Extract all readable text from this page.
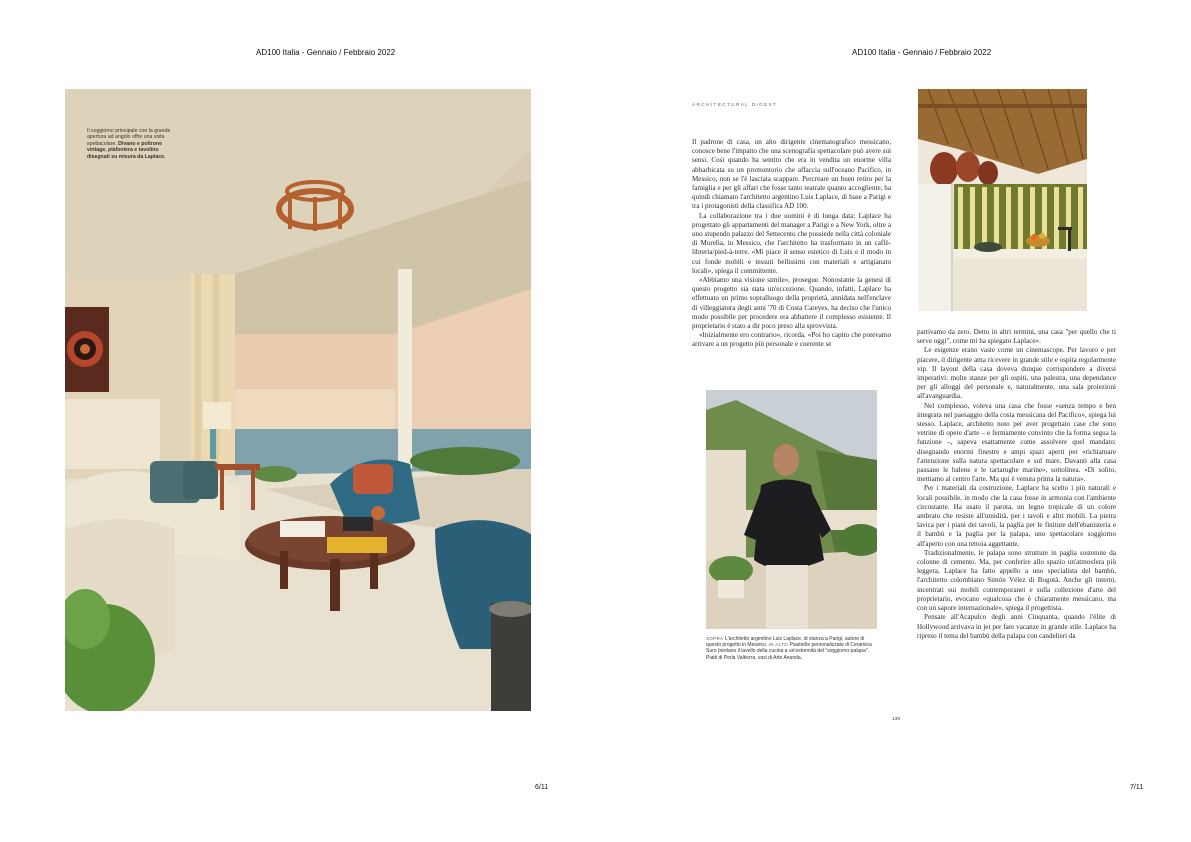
AD100 Italia - Gennaio / Febbraio 2022	AD100 Italia - Gennaio / Febbraio 2022
Il soggiorno principale con la grande apertura ad angolo offre una vista spettacolare. Divano e poltrone vintage, plafoniera e tavolino disegnati su misura da Laplace.
6/11
ARCHITECTURAL DIGEST

Il padrone di casa, un alto dirigente cinematografico messicano, conosce bene l'impatto che una scenografia spettacolare può avere sui sensi. Così quando ha sentito che era in vendita un enorme villa abbarbicata su un promontorio che affaccia sull'oceano Pacifico, in Messico, non se l'è lasciata scappare. Percreare un buen retiro per la famiglia e per gli affari che fosse tanto teatrale quanto accogliente, ha quindi chiamato l'architetto argentino Luis Laplace, di base a Parigi e tra i protagonisti della classifica AD 100.

La collaborazione tra i due uomini è di lunga data: Laplace ha progettato gli appartamenti del manager a Parigi e a New York, oltre a uno stupendo palazzo del Settecento che possiede nella città coloniale di Morelia, in Messico, che l'architetto ha trasformato in un caffè-libreria/pied-à-terre. «Mi piace il senso estetico di Luis e il modo in cui fonde mobili e tessuti bellissimi con materiali e artigianato locali», spiega il committente.

«Abbiamo una visione simile», prosegue. Nonostante la genesi di questo progetto sia stata un'eccezione. Quando, infatti, Laplace ha effettuato un primo sopralluogo della proprietà, annidata nell'enclave di villeggiatura degli anni '70 di Costa Careyes, ha deciso che l'unico modo possibile per procedere era abbattere il complesso esistente. Il proprietario è stato a dir poco preso alla sprovvista.

«Inizialmente ero contrario», ricorda. «Poi ho capito che potevamo arrivare a un progetto più personale e coerente se

SOPRA L'architetto argentino Luis Laplace, di stanza a Parigi, autore di questo progetto in Messico. IN ALTO Piastrelle personalizzate di Ceramica Suro bordano il lavello della cucina a un'estremità del "soggiorno-palapa". Piatti di Perla Valtierra, vasi di Arte Ananda.

partivamo da zero. Detto in altri termini, una casa "per quello che ti serve oggi", come mi ha spiegato Laplace».

Le esigenze erano vaste come un cinemascope. Per lavoro e per piacere, il dirigente ama ricevere in grande stile e ospita regolarmente vip. Il layout della casa doveva dunque corrispondere a diversi imperativi: molte stanze per gli ospiti, una palestra, una dependance per gli alloggi del personale e, naturalmente, una sala proiezioni all'avanguardia.

Nel complesso, voleva una casa che fosse «senza tempo e ben integrata nel paesaggio della costa messicana del Pacifico», spiega lui stesso. Laplace, architetto noto per aver progettato case che sono vetrine di opere d'arte – e fermamente convinto che la forma segua la funzione –, sapeva esattamente come assolvere quel mandato: disegnando enormi finestre e ampi spazi aperti per «richiamare l'attenzione sulla natura spettacolare e sul mare. Davanti alla casa passano le balene e le tartarughe marine», sottolinea. «Di solito, mettiamo al centro l'arte. Ma qui è venuta prima la natura».

Per i materiali da costruzione, Laplace ha scelto i più naturali e locali possibile, in modo che la casa fosse in armonia con l'ambiente circostante. Ha usato il parota, un legno tropicale di un colore ambrato che resiste all'umidità, per i tavoli e altri mobili. La pietra lavica per i piani dei tavoli, la paglia per le finiture dell'ebanisteria e il bambù e la paglia per la palapa, uno spettacolare soggiorno all'aperto con una tettoia aggettante.

Tradizionalmente, le palapa sono strutture in paglia sostenute da colonne di cemento. Ma, per conferire allo spazio un'atmosfera più leggera, Laplace ha fatto appello a uno specialista del bambù, l'architetto colombiano Simón Vélez di Bogotà. Anche gli interni, incentrati sui mobili contemporanei e sulla collezione d'arte del proprietario, evocano «qualcosa che è chiaramente messicano, ma con un sapore internazionale», spiega il progettista.

Pensate all'Acapulco degli anni Cinquanta, quando l'élite di Hollywood arrivava in jet per fare vacanze in grande stile. Laplace ha ripreso il tema del bambù della palapa con candelieri da

139
7/11
